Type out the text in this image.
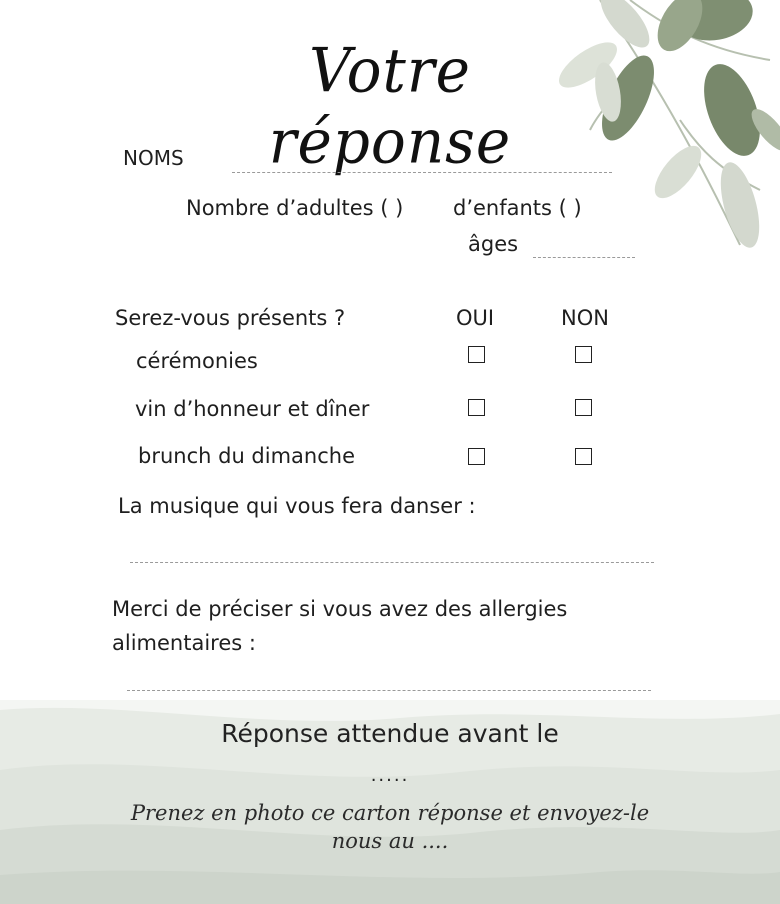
Votre réponse
NOMS
Nombre d’adultes ( ) d’enfants ( )
âges
Serez-vous présents ?	OUI	NON
cérémonies
vin d’honneur et dîner
brunch du dimanche
La musique qui vous fera danser :
Merci de préciser si vous avez des allergies
alimentaires :
Réponse attendue avant le
.....
Prenez en photo ce carton réponse et envoyez-le nous au ....
